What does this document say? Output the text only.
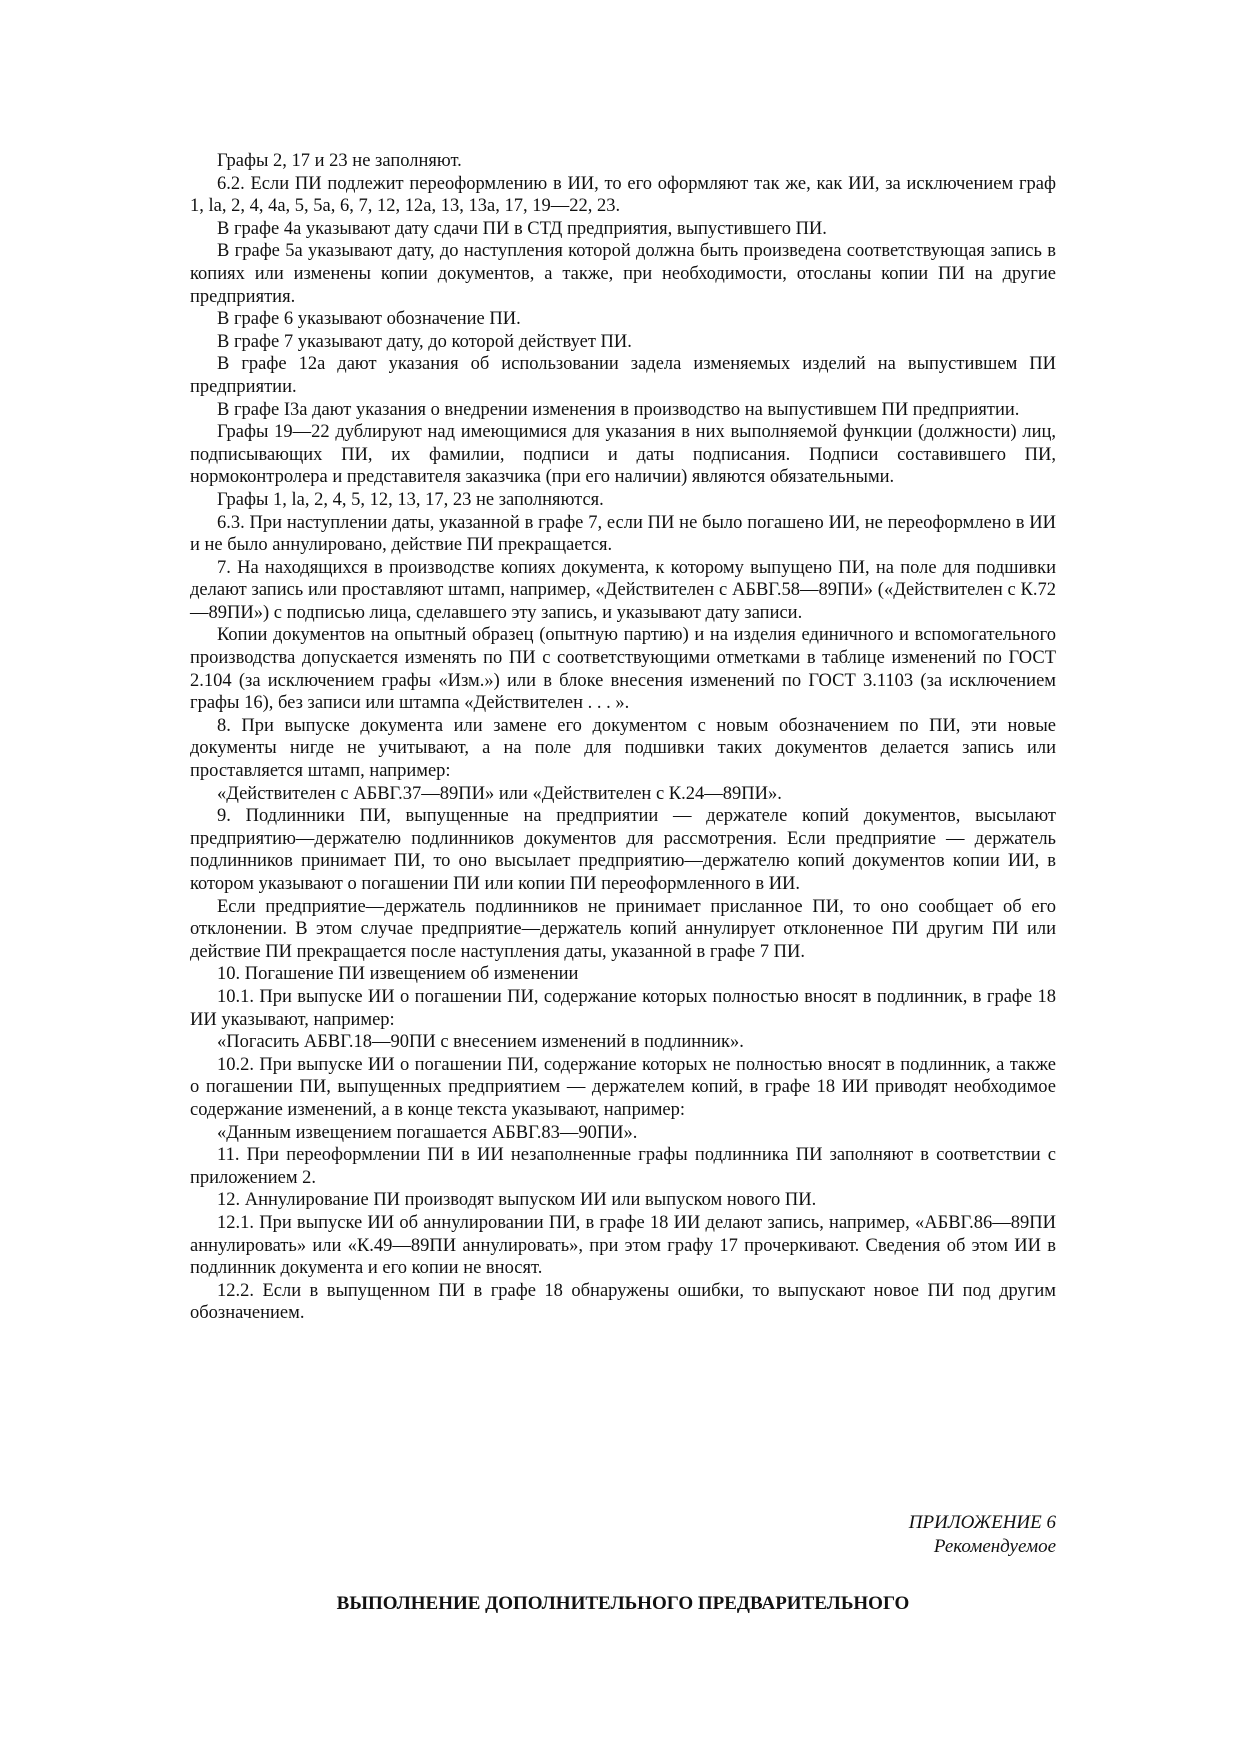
Графы 2, 17 и 23 не заполняют.

6.2. Если ПИ подлежит переоформлению в ИИ, то его оформляют так же, как ИИ, за исключением граф 1, la, 2, 4, 4а, 5, 5а, 6, 7, 12, 12а, 13, 13а, 17, 19—22, 23.

В графе 4а указывают дату сдачи ПИ в СТД предприятия, выпустившего ПИ.

В графе 5а указывают дату, до наступления которой должна быть произведена соответствующая запись в копиях или изменены копии документов, а также, при необходимости, отосланы копии ПИ на другие предприятия.

В графе 6 указывают обозначение ПИ.

В графе 7 указывают дату, до которой действует ПИ.

В графе 12а дают указания об использовании задела изменяемых изделий на выпустившем ПИ предприятии.

В графе I3а дают указания о внедрении изменения в производство на выпустившем ПИ предприятии.

Графы 19—22 дублируют над имеющимися для указания в них выполняемой функции (должности) лиц, подписывающих ПИ, их фамилии, подписи и даты подписания. Подписи составившего ПИ, нормоконтролера и представителя заказчика (при его наличии) являются обязательными.

Графы 1, lа, 2, 4, 5, 12, 13, 17, 23 не заполняются.

6.3. При наступлении даты, указанной в графе 7, если ПИ не было погашено ИИ, не переоформлено в ИИ и не было аннулировано, действие ПИ прекращается.

7. На находящихся в производстве копиях документа, к которому выпущено ПИ, на поле для подшивки делают запись или проставляют штамп, например, «Действителен с АБВГ.58—89ПИ» («Действителен с К.72—89ПИ») с подписью лица, сделавшего эту запись, и указывают дату записи.

Копии документов на опытный образец (опытную партию) и на изделия единичного и вспомогательного производства допускается изменять по ПИ с соответствующими отметками в таблице изменений по ГОСТ 2.104 (за исключением графы «Изм.») или в блоке внесения изменений по ГОСТ 3.1103 (за исключением графы 16), без записи или штампа «Действителен . . . ».

8. При выпуске документа или замене его документом с новым обозначением по ПИ, эти новые документы нигде не учитывают, а на поле для подшивки таких документов делается запись или проставляется штамп, например:

«Действителен с АБВГ.37—89ПИ» или «Действителен с К.24—89ПИ».

9. Подлинники ПИ, выпущенные на предприятии — держателе копий документов, высылают предприятию—держателю подлинников документов для рассмотрения. Если предприятие — держатель подлинников принимает ПИ, то оно высылает предприятию—держателю копий документов копии ИИ, в котором указывают о погашении ПИ или копии ПИ переоформленного в ИИ.

Если предприятие—держатель подлинников не принимает присланное ПИ, то оно сообщает об его отклонении. В этом случае предприятие—держатель копий аннулирует отклоненное ПИ другим ПИ или действие ПИ прекращается после наступления даты, указанной в графе 7 ПИ.

10. Погашение ПИ извещением об изменении

10.1. При выпуске ИИ о погашении ПИ, содержание которых полностью вносят в подлинник, в графе 18 ИИ указывают, например:

«Погасить АБВГ.18—90ПИ с внесением изменений в подлинник».

10.2. При выпуске ИИ о погашении ПИ, содержание которых не полностью вносят в подлинник, а также о погашении ПИ, выпущенных предприятием — держателем копий, в графе 18 ИИ приводят необходимое содержание изменений, а в конце текста указывают, например:

«Данным извещением погашается АБВГ.83—90ПИ».

11. При переоформлении ПИ в ИИ незаполненные графы подлинника ПИ заполняют в соответствии с приложением 2.

12. Аннулирование ПИ производят выпуском ИИ или выпуском нового ПИ.

12.1. При выпуске ИИ об аннулировании ПИ, в графе 18 ИИ делают запись, например, «АБВГ.86—89ПИ аннулировать» или «К.49—89ПИ аннулировать», при этом графу 17 прочеркивают. Сведения об этом ИИ в подлинник документа и его копии не вносят.

12.2. Если в выпущенном ПИ в графе 18 обнаружены ошибки, то выпускают новое ПИ под другим обозначением.

ПРИЛОЖЕНИЕ 6
Рекомендуемое
ВЫПОЛНЕНИЕ ДОПОЛНИТЕЛЬНОГО ПРЕДВАРИТЕЛЬНОГО
